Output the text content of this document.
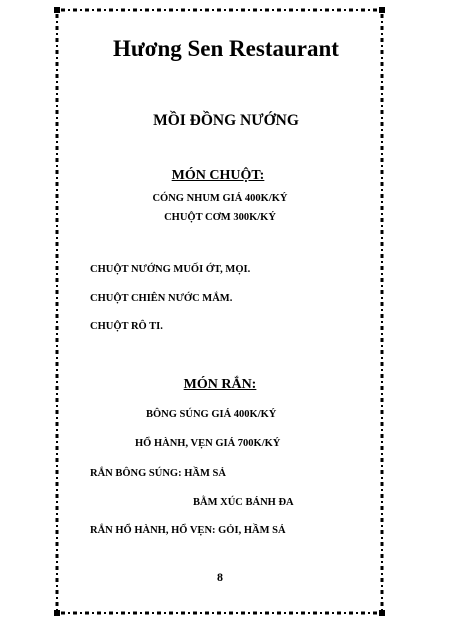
Hương Sen Restaurant
MỒI ĐỒNG NƯỚNG
MÓN CHUỘT:
CÓNG NHUM GIÁ 400K/KÝ
CHUỘT CƠM 300K/KÝ
CHUỘT NƯỚNG MUỐI ỚT, MỌI.
CHUỘT CHIÊN NƯỚC MẮM.
CHUỘT RÔ TI.
MÓN RẮN:
BÔNG SÚNG GIÁ 400K/KÝ
HỔ HÀNH, VẸN GIÁ 700K/KÝ
RẮN BÔNG SÚNG: HẦM SẢ
BẰM XÚC BÁNH ĐA
RẮN HỔ HÀNH, HỔ VẸN: GỎI, HẦM SẢ
8
